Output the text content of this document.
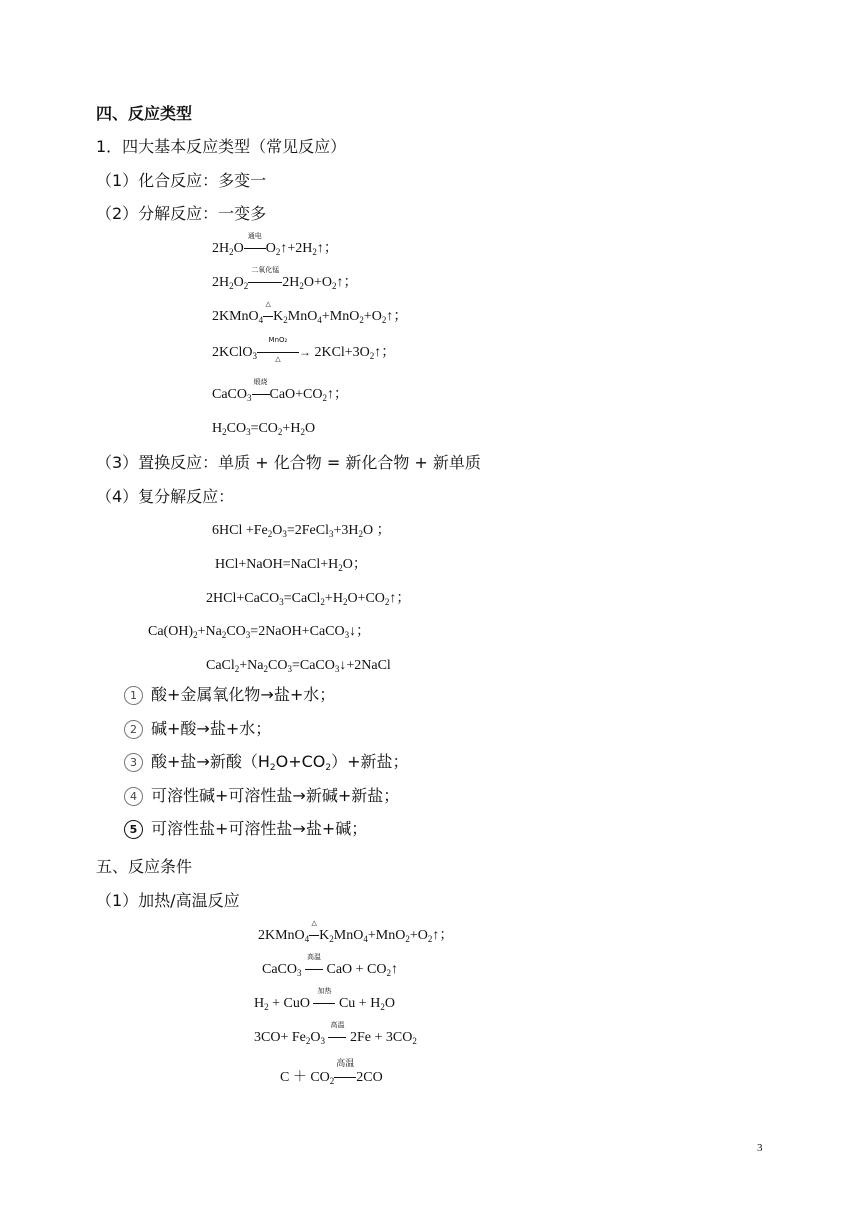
四、反应类型
1．四大基本反应类型（常见反应）
（1）化合反应：多变一
（2）分解反应：一变多
$2H_2O$
通电
$O_2↑+2H_2↑$；
$2H_2O_2$
二氧化锰
$2H_2O+O_2↑$；
2KMnO$_4$
△
$K_2MnO_4+MnO_2+O_2↑$；
2KClO$_3$
MnO₂
△	→ $2KCl+3O_2↑$；
CaCO$_3$
煅烧
$CaO+CO_2↑$；
$H_2CO_3=CO_2+H_2O$
（3）置换反应：单质 + 化合物 = 新化合物 + 新单质
（4）复分解反应：
$6HCl +Fe_2O_3=2FeCl_3+3H_2O$ ；
$HCl+NaOH=NaCl+H_2O$；
$2HCl+CaCO_3=CaCl_2+H_2O+CO_2↑$；
$Ca(OH)_2+Na_2CO_3=2NaOH+CaCO_3↓$；
$CaCl_2+Na_2CO_3=CaCO_3↓+2NaCl$
1 酸+金属氧化物→盐+水；
2 碱+酸→盐+水；
3 酸+盐→新酸$(H_2O+CO_2)+$新盐；
4 可溶性碱+可溶性盐→新碱+新盐；
5 可溶性盐+可溶性盐→盐+碱；
五、反应条件
（1）加热/高温反应
2KMnO$_4$
△
$K_2MnO_4+MnO_2+O_2↑$；
CaCO$_3$
高温
CaO + $CO_2↑$
$H_2$ + CuO
加热
$Cu + H_2O$
$3CO+ Fe_2O_3$
高温
$2Fe + 3CO_2$
$C + CO_2$
高温
2CO
3
